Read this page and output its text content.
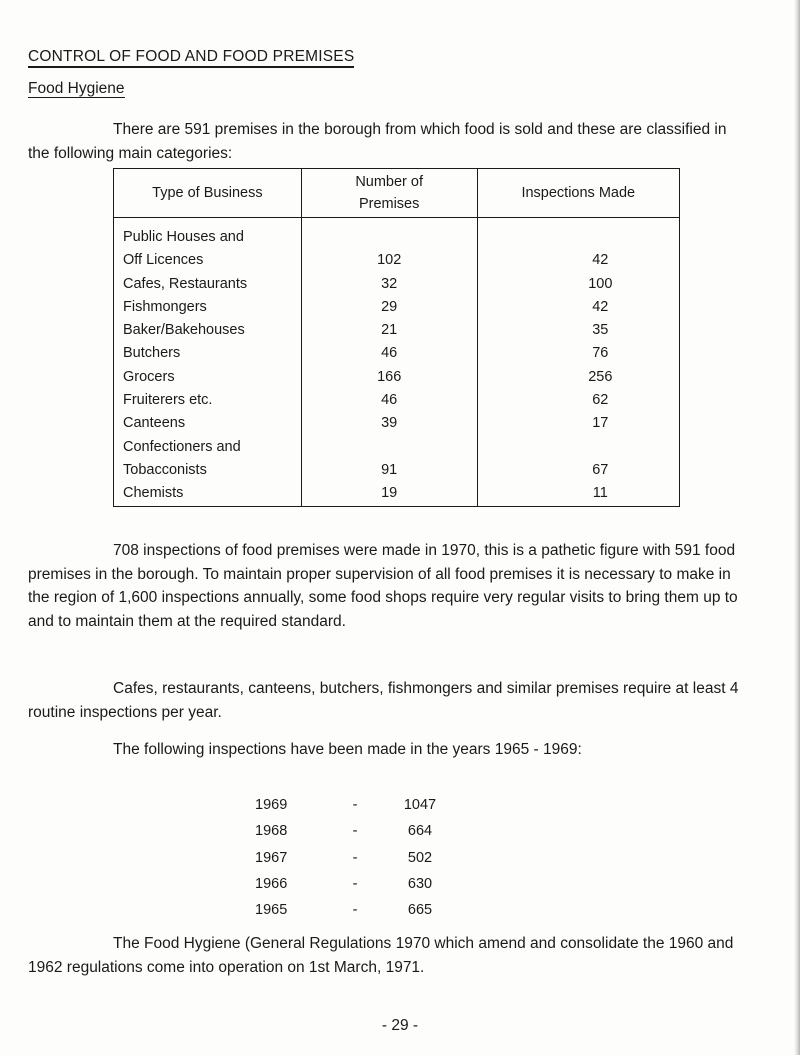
CONTROL OF FOOD AND FOOD PREMISES
Food Hygiene

There are 591 premises in the borough from which food is sold and these are classified in the following main categories:

Type of Business	Number of Premises	Inspections Made
Public Houses and		
Off Licences	102	42
Cafes, Restaurants	32	100
Fishmongers	29	42
Baker/Bakehouses	21	35
Butchers	46	76
Grocers	166	256
Fruiterers etc.	46	62
Canteens	39	17
Confectioners and		
Tobacconists	91	67
Chemists	19	11

708 inspections of food premises were made in 1970, this is a pathetic figure with 591 food premises in the borough. To maintain proper supervision of all food premises it is necessary to make in the region of 1,600 inspections annually, some food shops require very regular visits to bring them up to and to maintain them at the required standard.

Cafes, restaurants, canteens, butchers, fishmongers and similar premises require at least 4 routine inspections per year.

The following inspections have been made in the years 1965 - 1969:

1969	-	1047
1968	-	664
1967	-	502
1966	-	630
1965	-	665

The Food Hygiene (General Regulations 1970 which amend and consolidate the 1960 and 1962 regulations come into operation on 1st March, 1971.

- 29 -
